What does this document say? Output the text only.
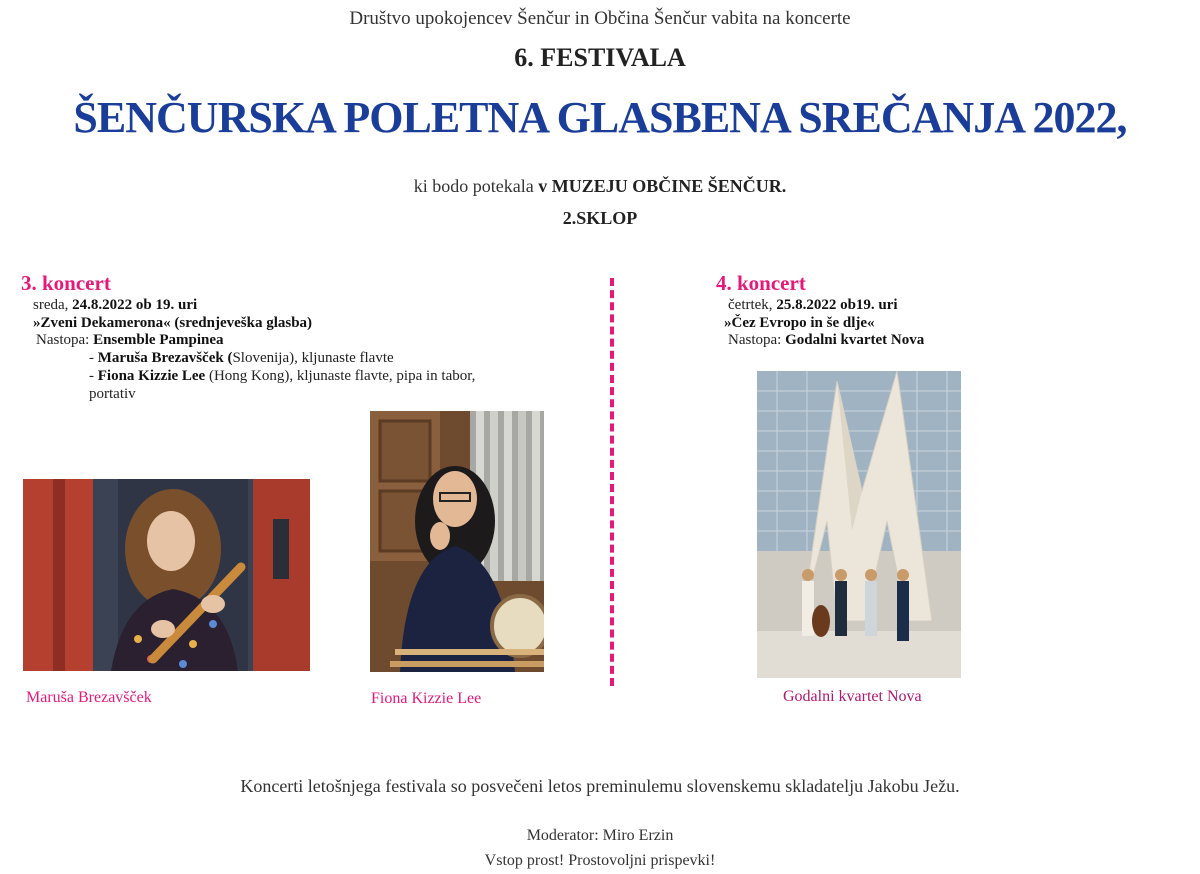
Društvo upokojencev Šenčur in Občina Šenčur vabita na koncerte
6. FESTIVALA
ŠENČURSKA POLETNA GLASBENA SREČANJA 2022,
ki bodo potekala v MUZEJU OBČINE ŠENČUR.
2.SKLOP
3. koncert
sreda, 24.8.2022 ob 19. uri
»Zveni Dekamerona« (srednjeveška glasba)
Nastopa: Ensemble Pampinea
- Maruša Brezavšček (Slovenija), kljunaste flavte
- Fiona Kizzie Lee (Hong Kong), kljunaste flavte, pipa in tabor,
portativ
Maruša Brezavšček	Fiona Kizzie Lee
4. koncert
četrtek, 25.8.2022 ob19. uri
»Čez Evropo in še dlje«
Nastopa: Godalni kvartet Nova
Godalni kvartet Nova
Koncerti letošnjega festivala so posvečeni letos preminulemu slovenskemu skladatelju Jakobu Ježu.
Moderator: Miro Erzin
Vstop prost! Prostovoljni prispevki!
